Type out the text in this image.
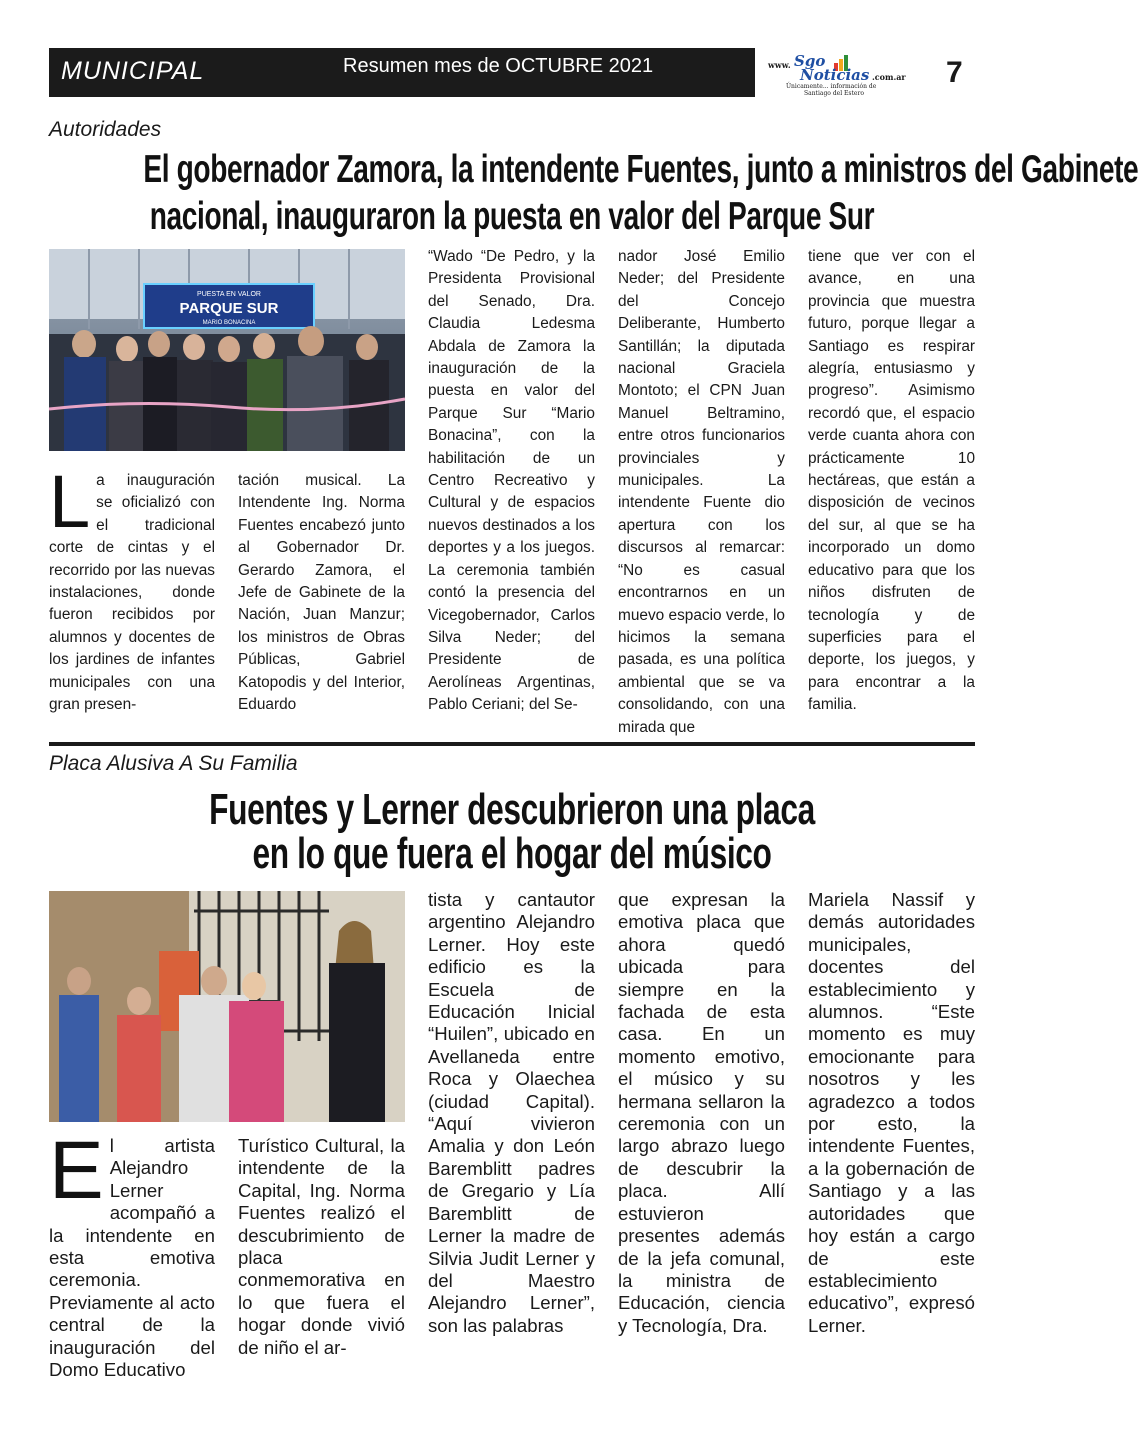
MUNICIPAL	Resumen mes de OCTUBRE 2021	www. Sgo
Noticias .com.ar
Únicamente... información de
Santiago del Estero
7
Autoridades
El gobernador Zamora, la intendente Fuentes, junto a ministros del Gabinete
nacional, inauguraron la puesta en valor del Parque Sur
PUESTA EN VALOR
PARQUE SUR
MARIO BONACINA
L a inauguración se oficializó con el tradicional corte de cintas y el recorrido por las nuevas instalaciones, donde fueron recibidos por alumnos y docentes de los jardines de infantes municipales con una gran presen-

tación musical. La Intendente Ing. Norma Fuentes encabezó junto al Gobernador Dr. Gerardo Zamora, el Jefe de Gabinete de la Nación, Juan Manzur; los ministros de Obras Públicas, Gabriel Katopodis y del Interior, Eduardo

“Wado “De Pedro, y la Presidenta Provisional del Senado, Dra. Claudia Ledesma Abdala de Zamora la inauguración de la puesta en valor del Parque Sur “Mario Bonacina”, con la habilitación de un Centro Recreativo y Cultural y de espacios nuevos destinados a los deportes y a los juegos. La ceremonia también contó la presencia del Vicegobernador, Carlos Silva Neder; del Presidente de Aerolíneas Argentinas, Pablo Ceriani; del Se-

nador José Emilio Neder; del Presidente del Concejo Deliberante, Humberto Santillán; la diputada nacional Graciela Montoto; el CPN Juan Manuel Beltramino, entre otros funcionarios provinciales y municipales. La intendente Fuente dio apertura con los discursos al remarcar: “No es casual encontrarnos en un muevo espacio verde, lo hicimos la semana pasada, es una política ambiental que se va consolidando, con una mirada que

tiene que ver con el avance, en una provincia que muestra futuro, porque llegar a Santiago es respirar alegría, entusiasmo y progreso”. Asimismo recordó que, el espacio verde cuanta ahora con prácticamente 10 hectáreas, que están a disposición de vecinos del sur, al que se ha incorporado un domo educativo para que los niños disfruten de tecnología y de superficies para el deporte, los juegos, y para encontrar a la familia.

Placa Alusiva A Su Familia
Fuentes y Lerner descubrieron una placa
en lo que fuera el hogar del músico
E l artista Alejandro Lerner acompañó a la intendente en esta emotiva ceremonia. Previamente al acto central de la inauguración del Domo Educativo

Turístico Cultural, la intendente de la Capital, Ing. Norma Fuentes realizó el descubrimiento de placa conmemorativa en lo que fuera el hogar donde vivió de niño el ar-

tista y cantautor argentino Alejandro Lerner. Hoy este edificio es la Escuela de Educación Inicial “Huilen”, ubicado en Avellaneda entre Roca y Olaechea (ciudad Capital). “Aquí vivieron Amalia y don León Baremblitt padres de Gregario y Lía Baremblitt de Lerner la madre de Silvia Judit Lerner y del Maestro Alejandro Lerner”, son las palabras

que expresan la emotiva placa que ahora quedó ubicada para siempre en la fachada de esta casa. En un momento emotivo, el músico y su hermana sellaron la ceremonia con un largo abrazo luego de descubrir la placa. Allí estuvieron presentes además de la jefa comunal, la ministra de Educación, ciencia y Tecnología, Dra.

Mariela Nassif y demás autoridades municipales, docentes del establecimiento y alumnos. “Este momento es muy emocionante para nosotros y les agradezco a todos por esto, la intendente Fuentes, a la gobernación de Santiago y a las autoridades que hoy están a cargo de este establecimiento educativo”, expresó Lerner.
